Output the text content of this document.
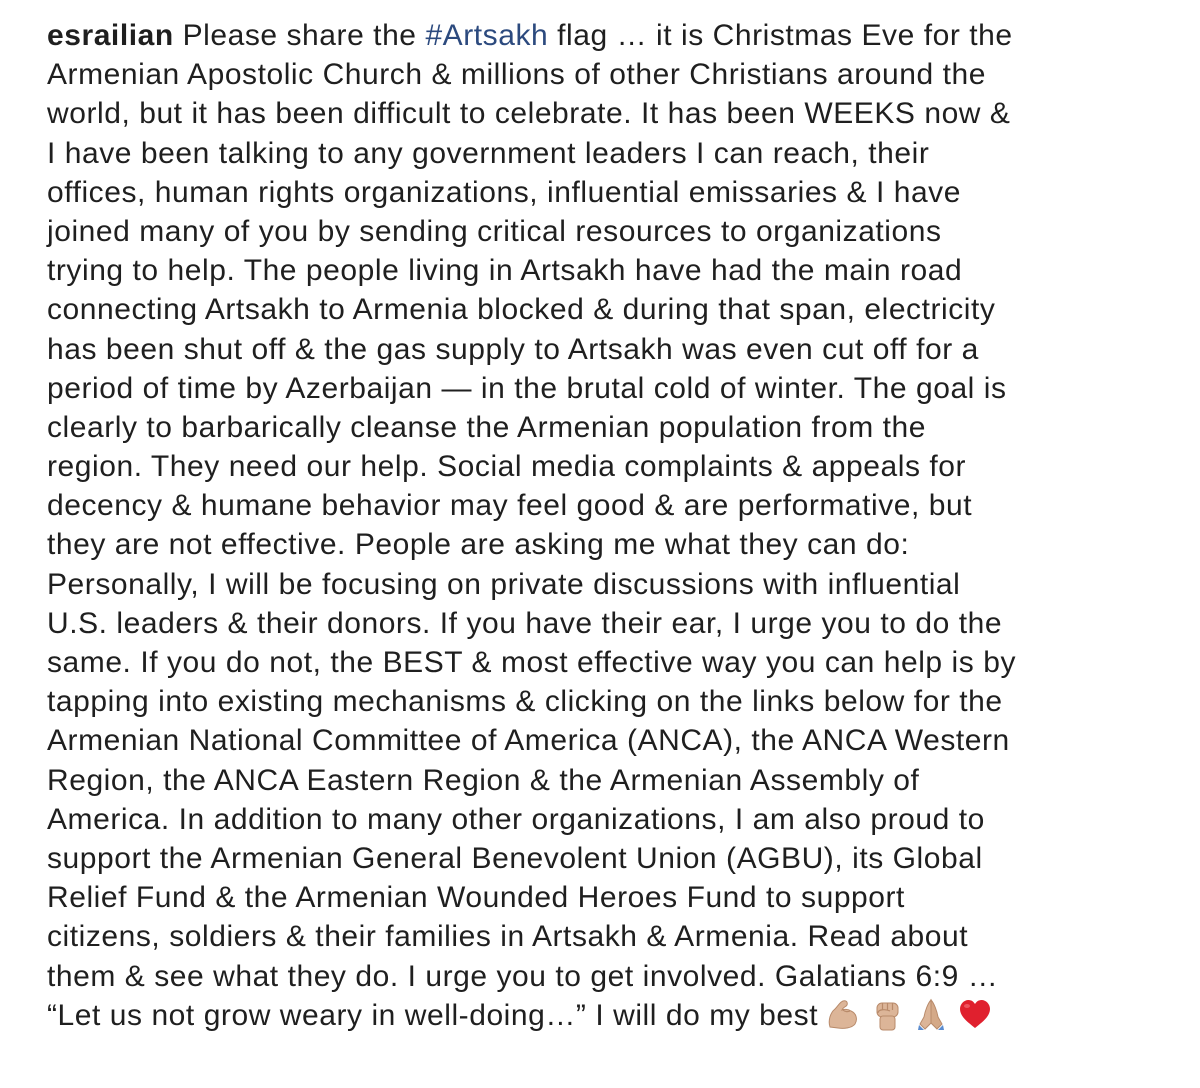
esrailian Please share the #Artsakh flag … it is Christmas Eve for the
Armenian Apostolic Church & millions of other Christians around the
world, but it has been difficult to celebrate. It has been WEEKS now &
I have been talking to any government leaders I can reach, their
offices, human rights organizations, influential emissaries & I have
joined many of you by sending critical resources to organizations
trying to help. The people living in Artsakh have had the main road
connecting Artsakh to Armenia blocked & during that span, electricity
has been shut off & the gas supply to Artsakh was even cut off for a
period of time by Azerbaijan — in the brutal cold of winter. The goal is
clearly to barbarically cleanse the Armenian population from the
region. They need our help. Social media complaints & appeals for
decency & humane behavior may feel good & are performative, but
they are not effective. People are asking me what they can do:
Personally, I will be focusing on private discussions with influential
U.S. leaders & their donors. If you have their ear, I urge you to do the
same. If you do not, the BEST & most effective way you can help is by
tapping into existing mechanisms & clicking on the links below for the
Armenian National Committee of America (ANCA), the ANCA Western
Region, the ANCA Eastern Region & the Armenian Assembly of
America. In addition to many other organizations, I am also proud to
support the Armenian General Benevolent Union (AGBU), its Global
Relief Fund & the Armenian Wounded Heroes Fund to support
citizens, soldiers & their families in Artsakh & Armenia. Read about
them & see what they do. I urge you to get involved. Galatians 6:9 …
“Let us not grow weary in well-doing…” I will do my best
